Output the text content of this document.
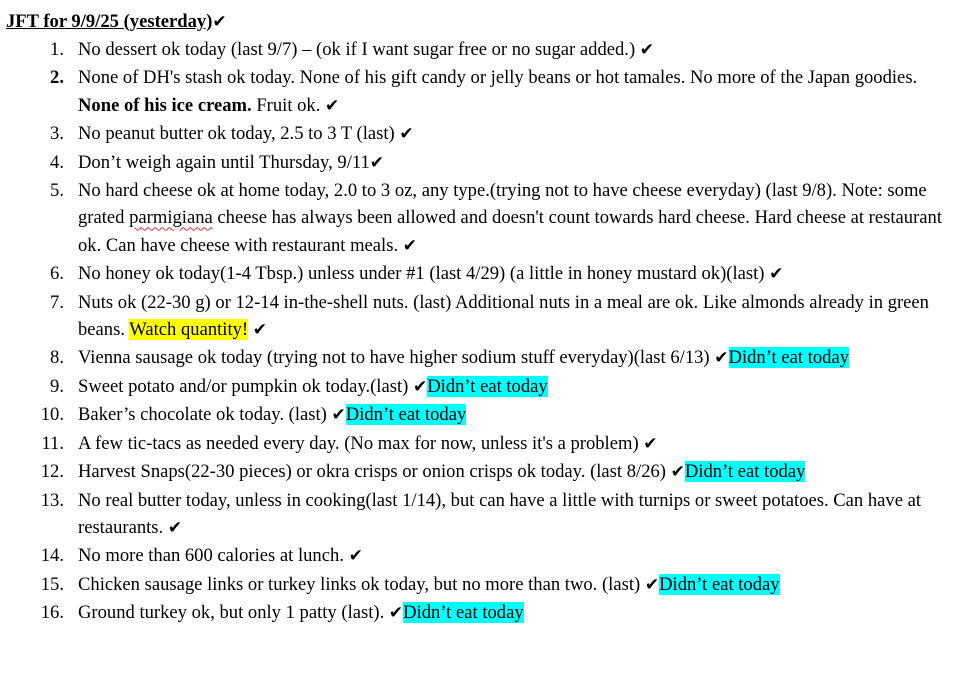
JFT for 9/9/25 (yesterday)✔
1. No dessert ok today (last 9/7) – (ok if I want sugar free or no sugar added.) ✔
2. None of DH's stash ok today. None of his gift candy or jelly beans or hot tamales. No more of the Japan goodies. None of his ice cream. Fruit ok. ✔
3. No peanut butter ok today, 2.5 to 3 T (last) ✔
4. Don’t weigh again until Thursday, 9/11✔
5. No hard cheese ok at home today, 2.0 to 3 oz, any type.(trying not to have cheese everyday) (last 9/8). Note: some grated parmigiana cheese has always been allowed and doesn't count towards hard cheese. Hard cheese at restaurant ok. Can have cheese with restaurant meals. ✔
6. No honey ok today(1-4 Tbsp.) unless under #1 (last 4/29) (a little in honey mustard ok)(last) ✔
7. Nuts ok (22-30 g) or 12-14 in-the-shell nuts. (last) Additional nuts in a meal are ok. Like almonds already in green beans. Watch quantity! ✔
8. Vienna sausage ok today (trying not to have higher sodium stuff everyday)(last 6/13) ✔Didn’t eat today
9. Sweet potato and/or pumpkin ok today.(last) ✔Didn’t eat today
10. Baker’s chocolate ok today. (last) ✔Didn’t eat today
11. A few tic-tacs as needed every day. (No max for now, unless it's a problem) ✔
12. Harvest Snaps(22-30 pieces) or okra crisps or onion crisps ok today. (last 8/26) ✔Didn’t eat today
13. No real butter today, unless in cooking(last 1/14), but can have a little with turnips or sweet potatoes. Can have at restaurants. ✔
14. No more than 600 calories at lunch. ✔
15. Chicken sausage links or turkey links ok today, but no more than two. (last) ✔Didn’t eat today
16. Ground turkey ok, but only 1 patty (last). ✔Didn’t eat today
